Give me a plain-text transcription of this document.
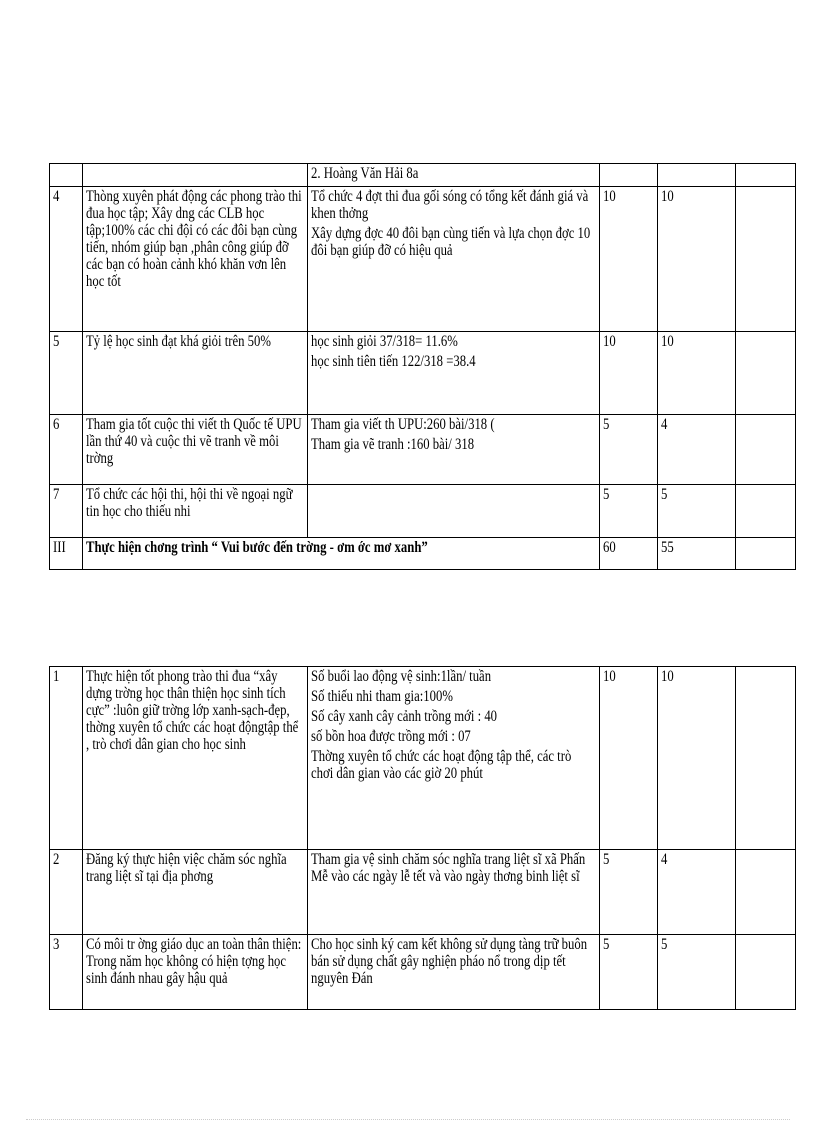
		2. Hoàng Văn Hải 8a			

4	Thòng xuyên phát động các phong trào thi đua học tập; Xây dng các CLB học tập;100% các chi đội có các đôi bạn cùng tiến, nhóm giúp bạn ,phân công giúp đỡ các bạn có hoàn cảnh khó khăn vơn lên học tốt	Tổ chức 4 đợt thi đua gối sóng có tổng kết đánh giá và khen thởng
Xây dựng đợc 40 đôi bạn cùng tiến và lựa chọn đợc 10 đôi bạn giúp đỡ có hiệu quả	10	10	

5	Tỷ lệ học sinh đạt khá giỏi trên 50%	học sinh giỏi 37/318= 11.6%
học sinh tiên tiến 122/318 =38.4	10	10	

6	Tham gia tốt cuộc thi viết th Quốc tế UPU lần thứ 40 và cuộc thi vẽ tranh về môi trờng	Tham gia viết th UPU:260 bài/318 (
Tham gia vẽ tranh :160 bài/ 318	5	4	

7	Tổ chức các hội thi, hội thi về ngoại ngữ tin học cho thiếu nhi		5	5	

III	Thực hiện chơng trình “ Vui bước đến trờng - ơm ớc mơ xanh”		60	55	

1	Thực hiện tốt phong trào thi đua “xây dựng trờng học thân thiện học sinh tích cực” :luôn giữ trờng lớp xanh-sạch-đẹp, thờng xuyên tổ chức các hoạt độngtập thể , trò chơi dân gian cho học sinh	Số buổi lao động vệ sinh:1lần/ tuần
Số thiếu nhi tham gia:100%
Số cây xanh cây cảnh trồng mới : 40
số bồn hoa được trồng mới : 07
Thờng xuyên tổ chức các hoạt động tập thể, các trò chơi dân gian vào các giờ 20 phút	10	10	

2	Đăng ký thực hiện việc chăm sóc nghĩa trang liệt sĩ tại địa phơng	Tham gia vệ sinh chăm sóc nghĩa trang liệt sĩ xã Phấn Mễ vào các ngày lễ tết và vào ngày thơng binh liệt sĩ	5	4	

3	Có môi tr ờng giáo dục an toàn thân thiện: Trong năm học không có hiện tợng học sinh đánh nhau gây hậu quả	Cho học sinh ký cam kết không sử dụng tàng trữ buôn bán sử dụng chất gây nghiện pháo nổ trong dịp tết nguyên Đán	5	5	
